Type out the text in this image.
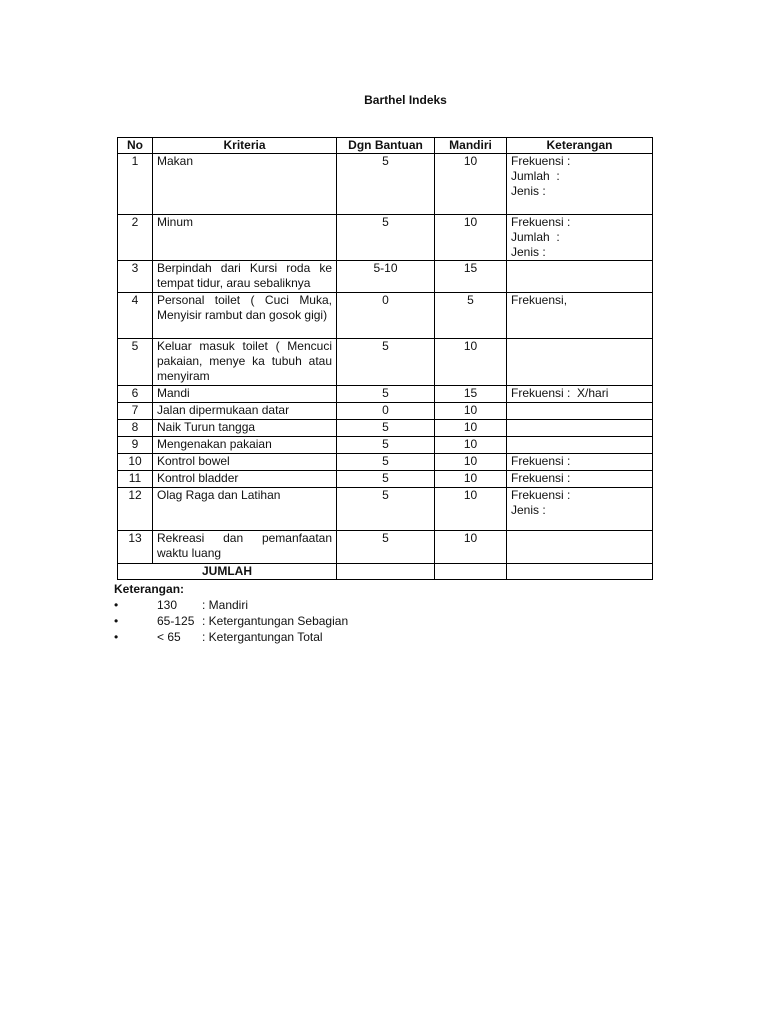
Barthel Indeks
No	Kriteria	Dgn Bantuan	Mandiri	Keterangan
1	Makan	5	10	Frekuensi :
Jumlah  :
Jenis :

2	Minum	5	10	Frekuensi :
Jumlah  :
Jenis :

3	Berpindah dari Kursi roda ke tempat tidur, arau sebaliknya	5-10	15	
4	Personal toilet ( Cuci Muka, Menyisir rambut dan gosok gigi)	0	5	Frekuensi,

5	Keluar masuk toilet ( Mencuci pakaian, menye ka tubuh atau menyiram	5	10	
6	Mandi	5	15	Frekuensi :  X/hari

7	Jalan dipermukaan datar	0	10	
8	Naik Turun tangga	5	10	
9	Mengenakan pakaian	5	10	
10	Kontrol bowel	5	10	Frekuensi :

11	Kontrol bladder	5	10	Frekuensi :

12	Olag Raga dan Latihan	5	10	Frekuensi :
Jenis :

13	Rekreasi dan pemanfaatan waktu luang	5	10	
JUMLAH				
Keterangan:
•	130 : Mandiri
•	65-125 : Ketergantungan Sebagian
•	< 65 : Ketergantungan Total
